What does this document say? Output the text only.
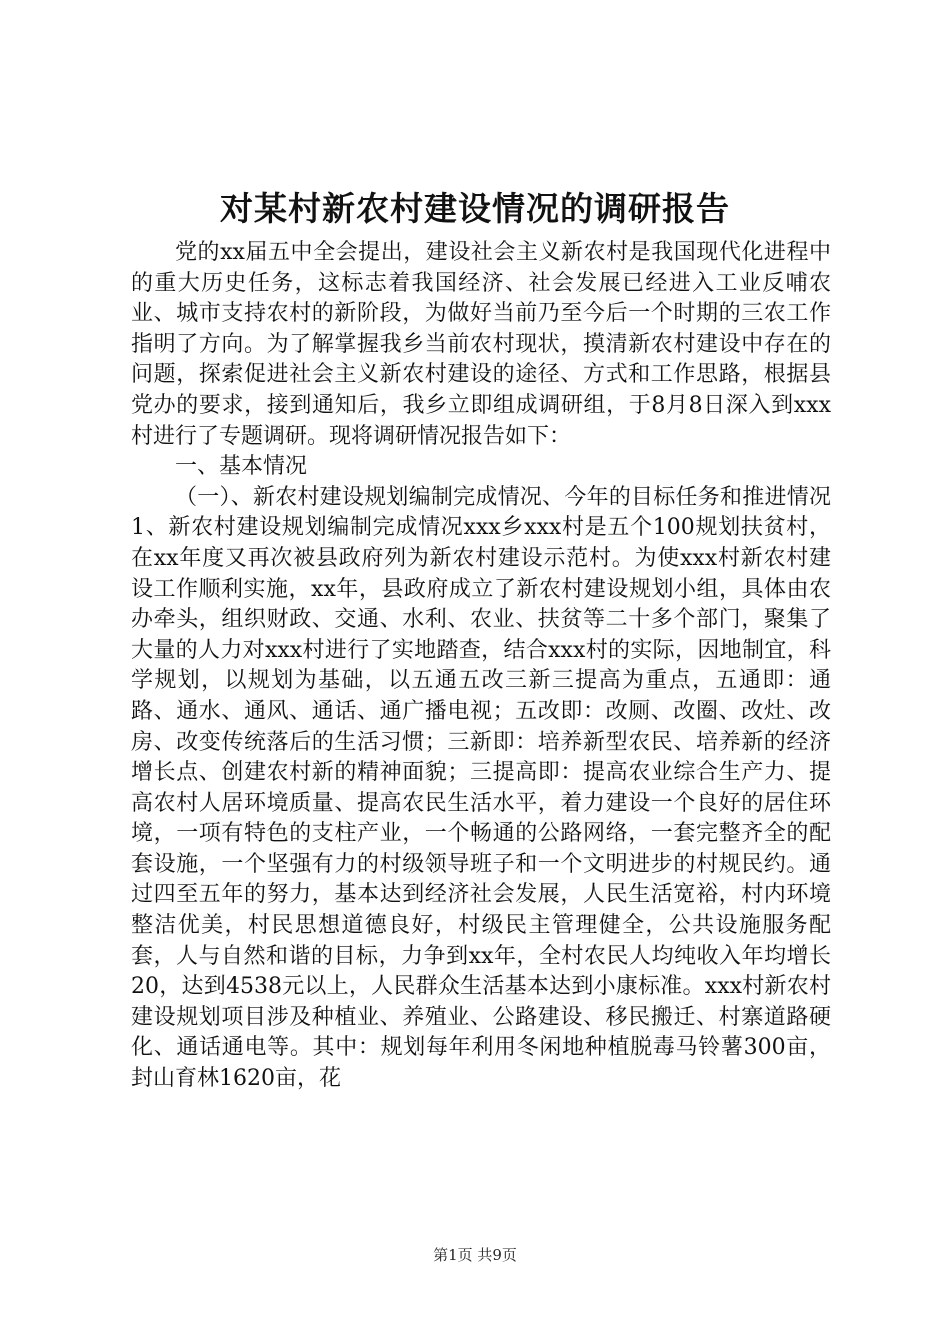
对某村新农村建设情况的调研报告

党的xx届五中全会提出，建设社会主义新农村是我国现代化进程中的重大历史任务，这标志着我国经济、社会发展已经进入工业反哺农业、城市支持农村的新阶段，为做好当前乃至今后一个时期的三农工作指明了方向。为了解掌握我乡当前农村现状，摸清新农村建设中存在的问题，探索促进社会主义新农村建设的途径、方式和工作思路，根据县党办的要求，接到通知后，我乡立即组成调研组，于8月8日深入到xxx村进行了专题调研。现将调研情况报告如下：

一、基本情况

（一）、新农村建设规划编制完成情况、今年的目标任务和推进情况1、新农村建设规划编制完成情况xxx乡xxx村是五个100规划扶贫村，在xx年度又再次被县政府列为新农村建设示范村。为使xxx村新农村建设工作顺利实施，xx年，县政府成立了新农村建设规划小组，具体由农办牵头，组织财政、交通、水利、农业、扶贫等二十多个部门，聚集了大量的人力对xxx村进行了实地踏查，结合xxx村的实际，因地制宜，科学规划，以规划为基础，以五通五改三新三提高为重点，五通即：通路、通水、通风、通话、通广播电视；五改即：改厕、改圈、改灶、改房、改变传统落后的生活习惯；三新即：培养新型农民、培养新的经济增长点、创建农村新的精神面貌；三提高即：提高农业综合生产力、提高农村人居环境质量、提高农民生活水平，着力建设一个良好的居住环境，一项有特色的支柱产业，一个畅通的公路网络，一套完整齐全的配套设施，一个坚强有力的村级领导班子和一个文明进步的村规民约。通过四至五年的努力，基本达到经济社会发展，人民生活宽裕，村内环境整洁优美，村民思想道德良好，村级民主管理健全，公共设施服务配套，人与自然和谐的目标，力争到xx年，全村农民人均纯收入年均增长20，达到4538元以上，人民群众生活基本达到小康标准。xxx村新农村建设规划项目涉及种植业、养殖业、公路建设、移民搬迁、村寨道路硬化、通话通电等。其中：规划每年利用冬闲地种植脱毒马铃薯300亩，封山育林1620亩，花

第1页 共9页
